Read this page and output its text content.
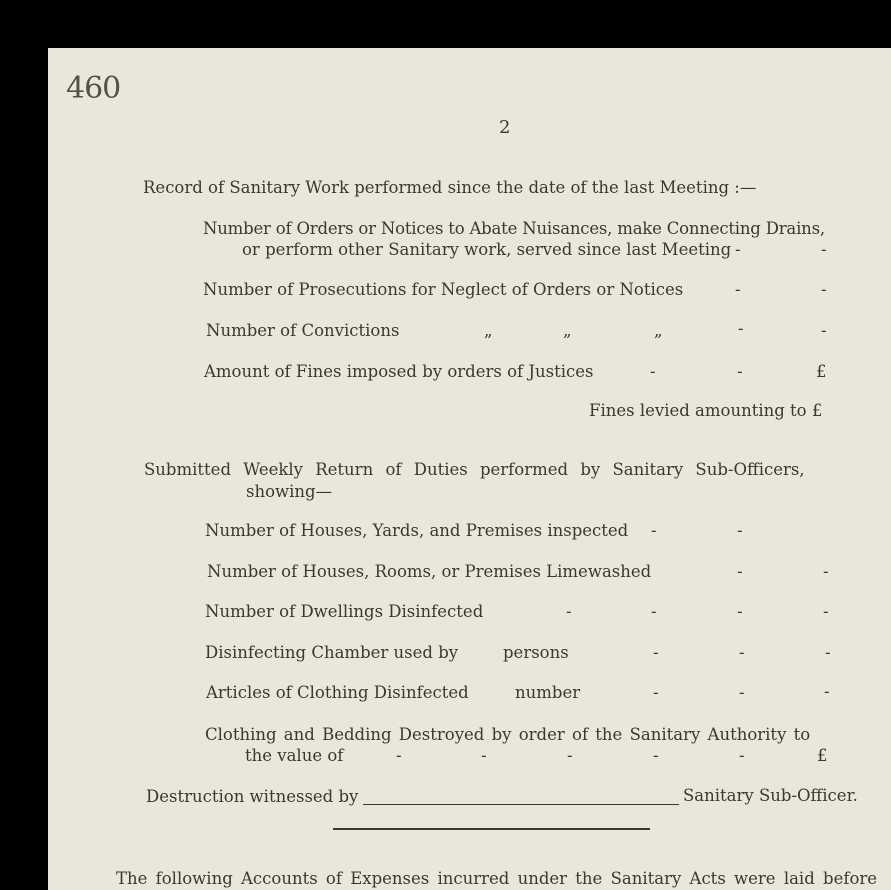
460
2
Record of Sanitary Work performed since the date of the last Meeting :—
Number of Orders or Notices to Abate Nuisances, make Connecting Drains,
or perform other Sanitary work, served since last Meeting -	-
Number of Prosecutions for Neglect of Orders or Notices	-	-
Number of Convictions	„	„	„	-	-
Amount of Fines imposed by orders of Justices	-	-	£
Fines levied amounting to £
Submitted Weekly Return of Duties performed by Sanitary Sub-Officers,
showing—
Number of Houses, Yards, and Premises inspected -	-
Number of Houses, Rooms, or Premises Limewashed	-	-
Number of Dwellings Disinfected	-	-	-	-
Disinfecting Chamber used by	persons	-	-	-
Articles of Clothing Disinfected	number	-	-	-
Clothing and Bedding Destroyed by order of the Sanitary Authority to
the value of	-	-	-	-	-	£
Destruction witnessed by	Sanitary Sub-Officer.
The following Accounts of Expenses incurred under the Sanitary Acts were laid before
